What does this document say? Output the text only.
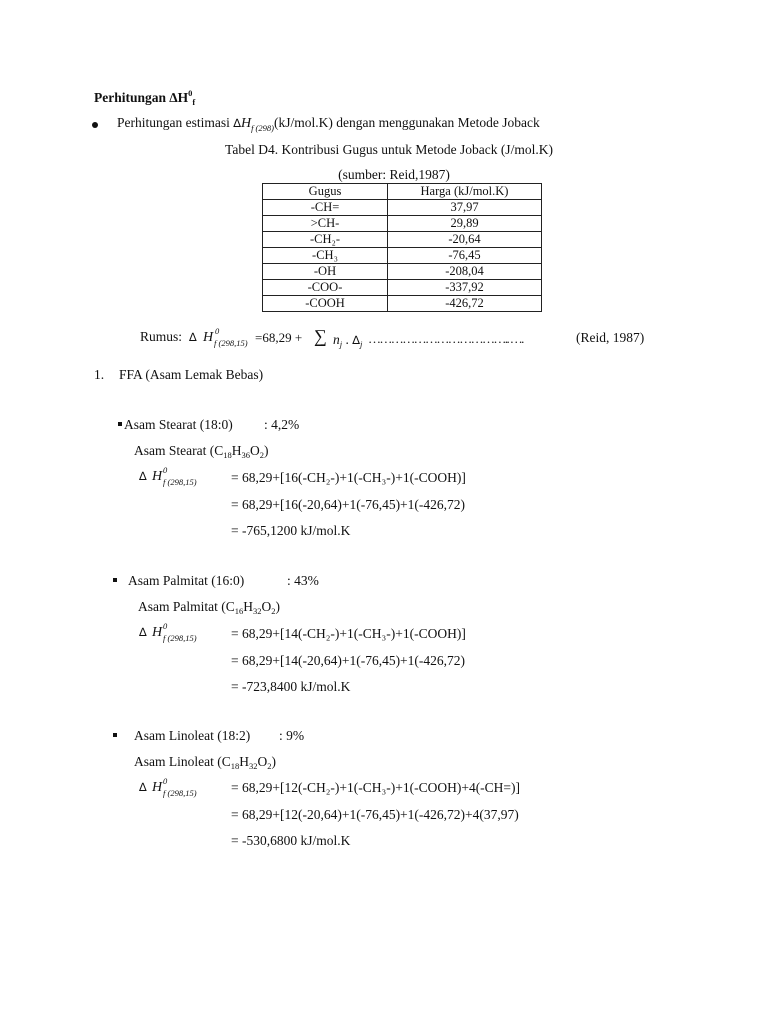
Perhitungan $\Delta H^0_f$
Perhitungan estimasi $\Delta H_{f (298)}(kJ/mol.K)$ dengan menggunakan Metode Joback
Tabel D4. Kontribusi Gugus untuk Metode Joback (J/mol.K)
(sumber: Reid,1987)
Gugus	Harga (kJ/mol.K)
-CH=	37,97
>CH-	29,89
-CH₂-	-20,64
-CH₃	-76,45
-OH	-208,04
-COO-	-337,92
-COOH	-426,72
Rumus: ∆ H 0
f (298,15) =68,29 + ∑ $n_j$ . $\Delta_j$ ……………………………….. ….	(Reid, 1987)
1. FFA (Asam Lemak Bebas)
Asam Stearat (18:0) : 4,2%
Asam Stearat $(C_{18}H_{36}O_2)$
∆ H 0
f (298,15)	= 68,29+[16(-CH₂-)+1(-CH₃-)+1(-COOH)]
= 68,29+[16(-20,64)+1(-76,45)+1(-426,72)
= -765,1200 kJ/mol.K
Asam Palmitat (16:0)	: 43%
Asam Palmitat $(C_{16}H_{32}O_2)$
∆ H 0
f (298,15)	= 68,29+[14(-CH₂-)+1(-CH₃-)+1(-COOH)]
= 68,29+[14(-20,64)+1(-76,45)+1(-426,72)
= -723,8400 kJ/mol.K
Asam Linoleat (18:2) : 9%
Asam Linoleat $(C_{18}H_{32}O_2)$
∆ H 0
f (298,15)	= 68,29+[12(-CH₂-)+1(-CH₃-)+1(-COOH)+4(-CH=)]
= 68,29+[12(-20,64)+1(-76,45)+1(-426,72)+4(37,97)
= -530,6800 kJ/mol.K
